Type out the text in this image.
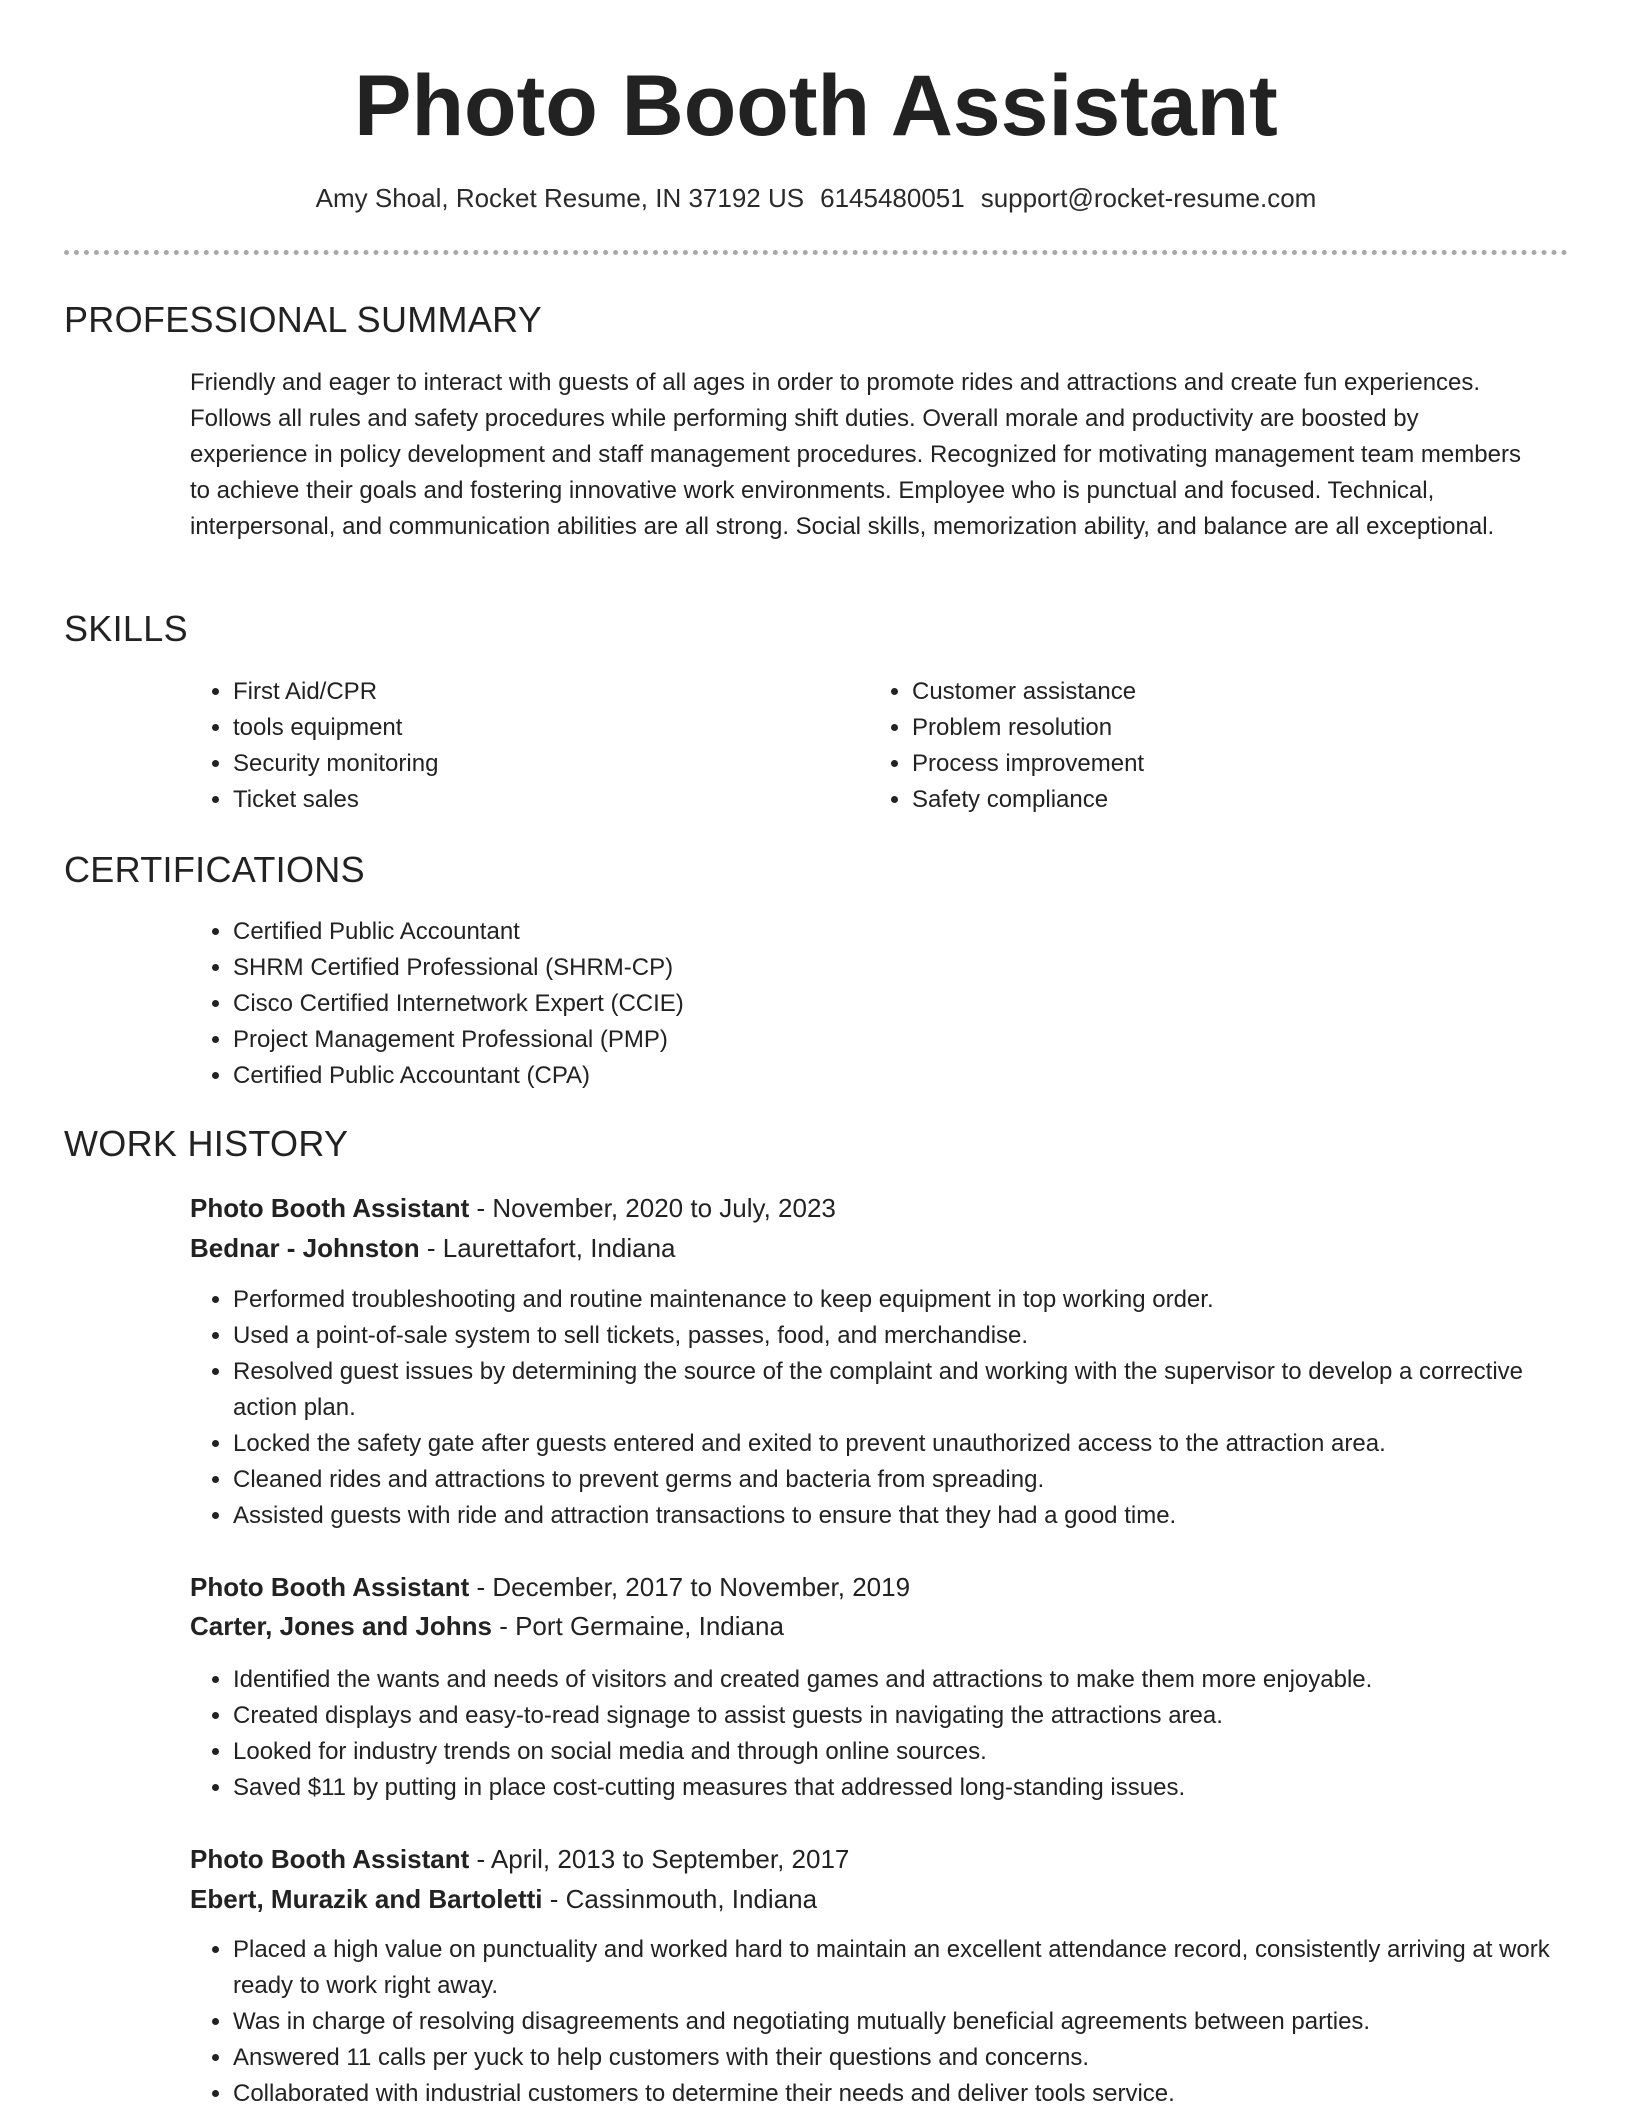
Photo Booth Assistant
Amy Shoal, Rocket Resume, IN 37192 US 6145480051 support@rocket-resume.com
PROFESSIONAL SUMMARY

Friendly and eager to interact with guests of all ages in order to promote rides and attractions and create fun experiences. Follows all rules and safety procedures while performing shift duties. Overall morale and productivity are boosted by experience in policy development and staff management procedures. Recognized for motivating management team members to achieve their goals and fostering innovative work environments. Employee who is punctual and focused. Technical, interpersonal, and communication abilities are all strong. Social skills, memorization ability, and balance are all exceptional.

SKILLS
• First Aid/CPR
• tools equipment
• Security monitoring
• Ticket sales
• Customer assistance
• Problem resolution
• Process improvement
• Safety compliance
CERTIFICATIONS
• Certified Public Accountant
• SHRM Certified Professional (SHRM-CP)
• Cisco Certified Internetwork Expert (CCIE)
• Project Management Professional (PMP)
• Certified Public Accountant (CPA)
WORK HISTORY
Photo Booth Assistant - November, 2020 to July, 2023
Bednar - Johnston - Laurettafort, Indiana
• Performed troubleshooting and routine maintenance to keep equipment in top working order.
• Used a point-of-sale system to sell tickets, passes, food, and merchandise.
• Resolved guest issues by determining the source of the complaint and working with the supervisor to develop a corrective action plan.
• Locked the safety gate after guests entered and exited to prevent unauthorized access to the attraction area.
• Cleaned rides and attractions to prevent germs and bacteria from spreading.
• Assisted guests with ride and attraction transactions to ensure that they had a good time.
Photo Booth Assistant - December, 2017 to November, 2019
Carter, Jones and Johns - Port Germaine, Indiana
• Identified the wants and needs of visitors and created games and attractions to make them more enjoyable.
• Created displays and easy-to-read signage to assist guests in navigating the attractions area.
• Looked for industry trends on social media and through online sources.
• Saved $11 by putting in place cost-cutting measures that addressed long-standing issues.
Photo Booth Assistant - April, 2013 to September, 2017
Ebert, Murazik and Bartoletti - Cassinmouth, Indiana
• Placed a high value on punctuality and worked hard to maintain an excellent attendance record, consistently arriving at work ready to work right away.
• Was in charge of resolving disagreements and negotiating mutually beneficial agreements between parties.
• Answered 11 calls per yuck to help customers with their questions and concerns.
• Collaborated with industrial customers to determine their needs and deliver tools service.
